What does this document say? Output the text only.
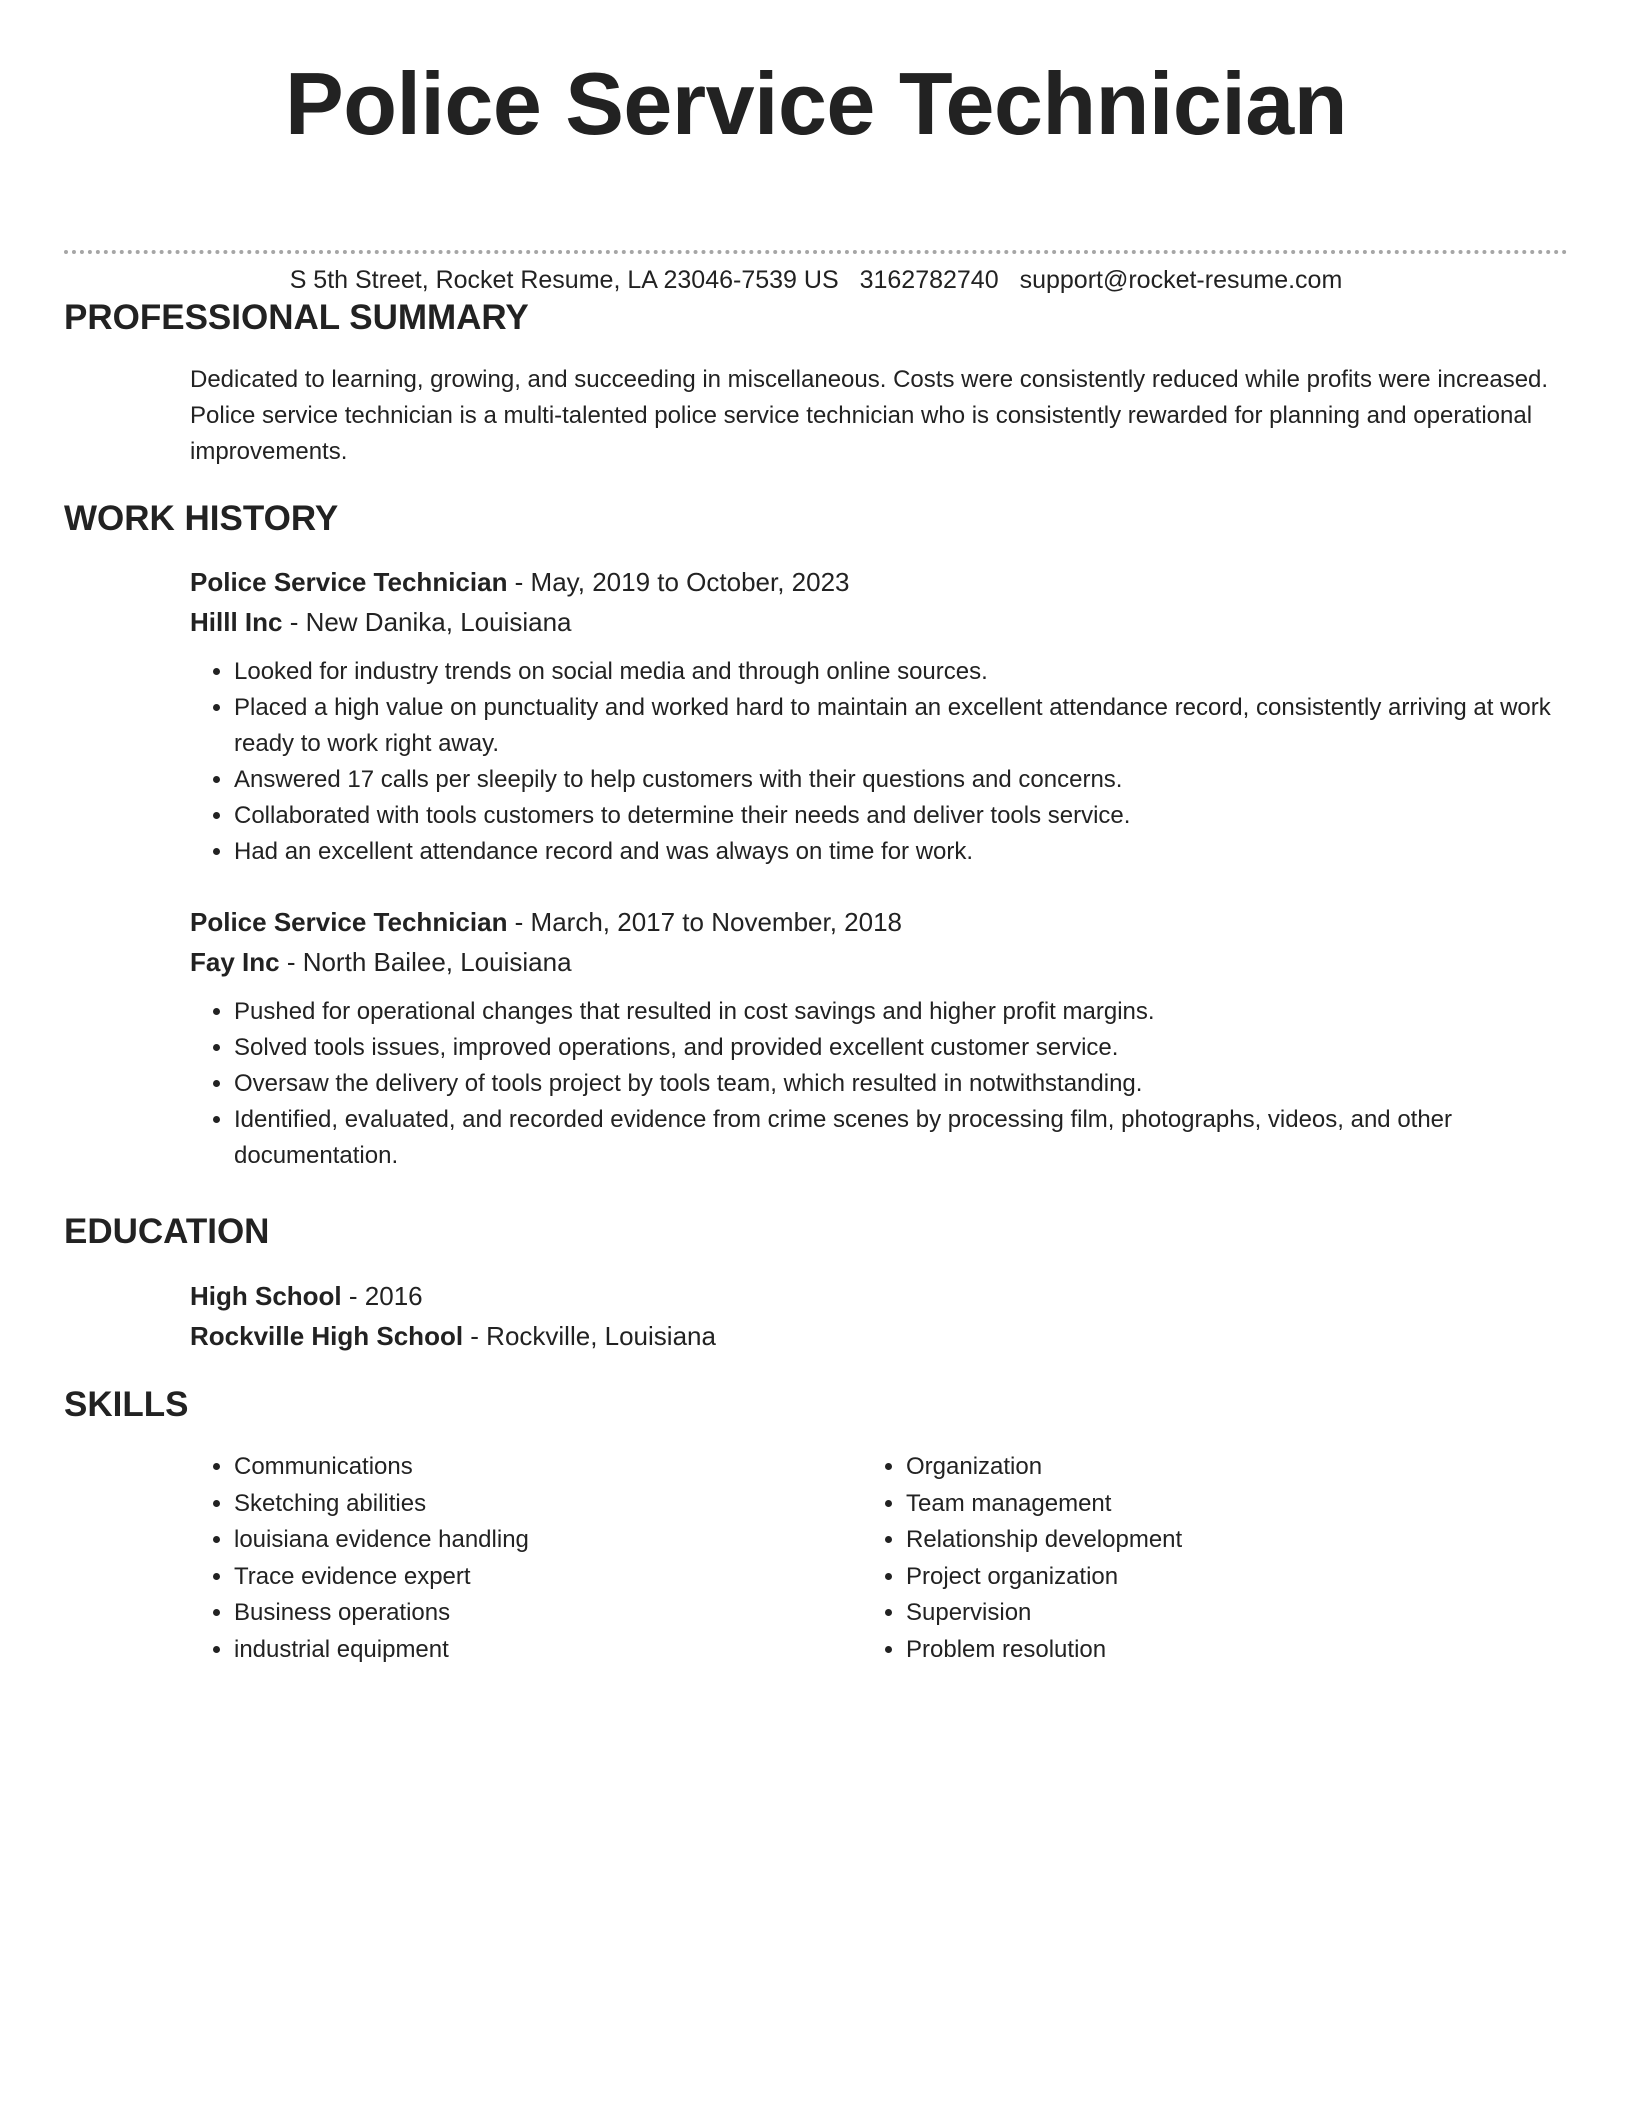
Police Service Technician
S 5th Street, Rocket Resume, LA 23046-7539 US 3162782740 support@rocket-resume.com
PROFESSIONAL SUMMARY
Dedicated to learning, growing, and succeeding in miscellaneous. Costs were consistently reduced while profits were increased. Police service technician is a multi-talented police service technician who is consistently rewarded for planning and operational improvements.
WORK HISTORY
Police Service Technician - May, 2019 to October, 2023
Hilll Inc - New Danika, Louisiana
• Looked for industry trends on social media and through online sources.
• Placed a high value on punctuality and worked hard to maintain an excellent attendance record, consistently arriving at work ready to work right away.
• Answered 17 calls per sleepily to help customers with their questions and concerns.
• Collaborated with tools customers to determine their needs and deliver tools service.
• Had an excellent attendance record and was always on time for work.
Police Service Technician - March, 2017 to November, 2018
Fay Inc - North Bailee, Louisiana
• Pushed for operational changes that resulted in cost savings and higher profit margins.
• Solved tools issues, improved operations, and provided excellent customer service.
• Oversaw the delivery of tools project by tools team, which resulted in notwithstanding.
• Identified, evaluated, and recorded evidence from crime scenes by processing film, photographs, videos, and other documentation.
EDUCATION
High School - 2016
Rockville High School - Rockville, Louisiana
SKILLS
• Communications
• Sketching abilities
• louisiana evidence handling
• Trace evidence expert
• Business operations
• industrial equipment
• Organization
• Team management
• Relationship development
• Project organization
• Supervision
• Problem resolution
